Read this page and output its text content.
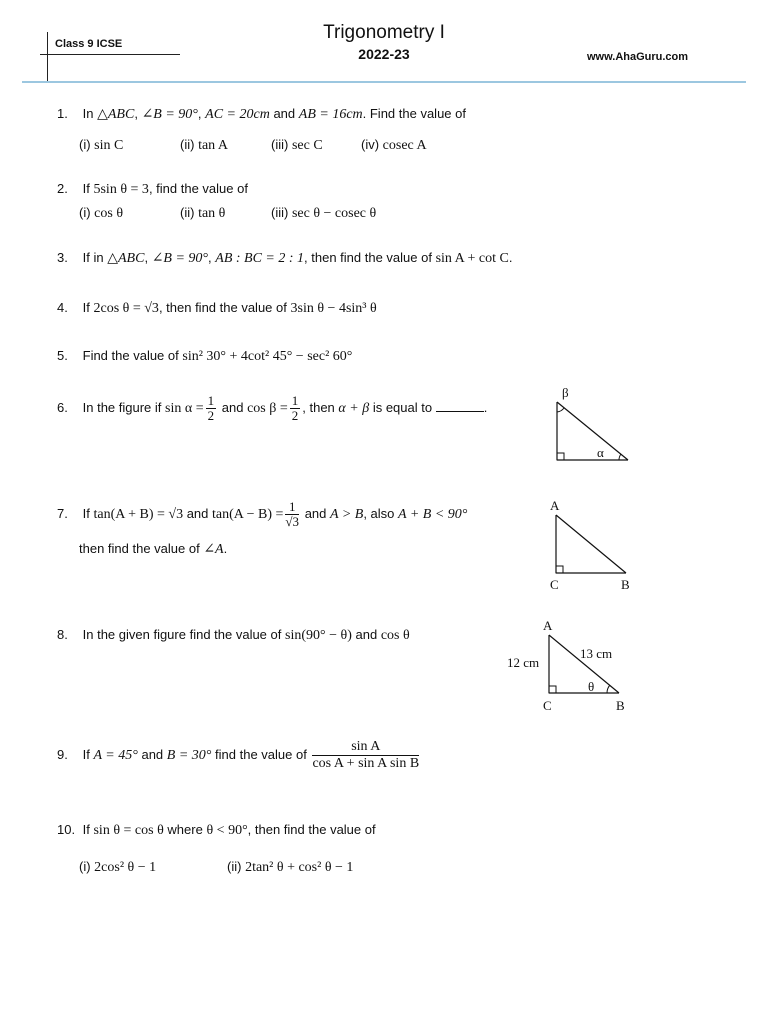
Class 9 ICSE
Trigonometry I
2022-23	www.AhaGuru.com
1. In △ABC, ∠B = 90°, AC = 20cm and AB = 16cm. Find the value of
(i) sin C	(ii) tan A	(iii) sec C	(iv) cosec A
2. If 5sin θ = 3, find the value of
(i) cos θ	(ii) tan θ	(iii) sec θ − cosec θ
3. If in △ABC, ∠B = 90°, AB : BC = 2 : 1, then find the value of sin A + cot C.
4. If 2cos θ = √3, then find the value of 3sin θ − 4sin³ θ
5. Find the value of sin² 30° + 4cot² 45° − sec² 60°
6. In the figure if $\sin \alpha = \frac{1}{2}$ and $\cos \beta = \frac{1}{2}$ , then α + β is equal to	.
β
α
7. If tan(A + B) = √3 and $\tan(A - B) = \frac{1}{√3}$ and A > B, also A + B < 90°
then find the value of ∠A.
A
C	B
8. In the given figure find the value of sin(90° − θ) and cos θ
A
C	B
12 cm
13 cm
θ
9. If A = 45° and B = 30° find the value of $\frac{\text{sin A}}{\text{cos A + sin A sin B}}$
10. If sin θ = cos θ where θ < 90°, then find the value of
(i) 2cos² θ − 1	(ii) 2tan² θ + cos² θ − 1
